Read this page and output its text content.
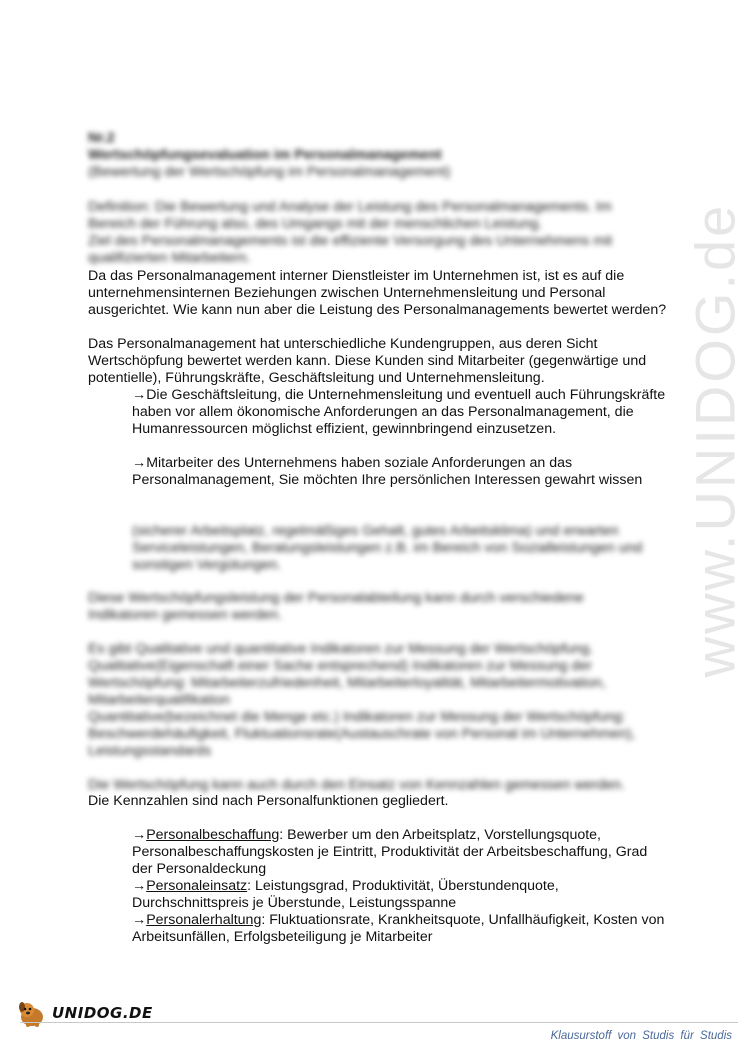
www.UNIDOG.de
Nr.2
Wertschöpfungsevaluation im Personalmanagement
(Bewertung der Wertschöpfung im Personalmanagement)
Definition: Die Bewertung und Analyse der Leistung des Personalmanagements. Im
Bereich der Führung also, des Umgangs mit der menschlichen Leistung.
Ziel des Personalmanagements ist die effiziente Versorgung des Unternehmens mit
qualifizierten Mitarbeitern.
Da das Personalmanagement interner Dienstleister im Unternehmen ist, ist es auf die unternehmensinternen Beziehungen zwischen Unternehmensleitung und Personal ausgerichtet. Wie kann nun aber die Leistung des Personalmanagements bewertet werden?
Das Personalmanagement hat unterschiedliche Kundengruppen, aus deren Sicht Wertschöpfung bewertet werden kann. Diese Kunden sind Mitarbeiter (gegenwärtige und potentielle), Führungskräfte, Geschäftsleitung und Unternehmensleitung.
→Die Geschäftsleitung, die Unternehmensleitung und eventuell auch Führungskräfte haben vor allem ökonomische Anforderungen an das Personalmanagement, die Humanressourcen möglichst effizient, gewinnbringend einzusetzen.
→Mitarbeiter des Unternehmens haben soziale Anforderungen an das Personalmanagement, Sie möchten Ihre persönlichen Interessen gewahrt wissen
(sicherer Arbeitsplatz, regelmäßiges Gehalt, gutes Arbeitsklima) und erwarten
Serviceleistungen, Beratungsleistungen z.B. im Bereich von Sozialleistungen und
sonstigen Vergütungen.
Diese Wertschöpfungsleistung der Personalabteilung kann durch verschiedene
Indikatoren gemessen werden.
Es gibt Qualitative und quantitative Indikatoren zur Messung der Wertschöpfung.
Qualitative(Eigenschaft einer Sache entsprechend) Indikatoren zur Messung der
Wertschöpfung: Mitarbeiterzufriedenheit, Mitarbeiterloyalität, Mitarbeitermotivation,
Mitarbeiterqualifikation
Quantitative(bezeichnet die Menge etc.) Indikatoren zur Messung der Wertschöpfung:
Beschwerdehäufigkeit, Fluktuationsrate(Austauschrate von Personal im Unternehmen),
Leistungsstandards
Die Wertschöpfung kann auch durch den Einsatz von Kennzahlen gemessen werden.
Die Kennzahlen sind nach Personalfunktionen gegliedert.
→Personalbeschaffung: Bewerber um den Arbeitsplatz, Vorstellungsquote, Personalbeschaffungskosten je Eintritt, Produktivität der Arbeitsbeschaffung, Grad der Personaldeckung
→Personaleinsatz: Leistungsgrad, Produktivität, Überstundenquote, Durchschnittspreis je Überstunde, Leistungsspanne
→Personalerhaltung: Fluktuationsrate, Krankheitsquote, Unfallhäufigkeit, Kosten von Arbeitsunfällen, Erfolgsbeteiligung je Mitarbeiter
UNIDOG.DE
Klausurstoff von Studis für Studis
